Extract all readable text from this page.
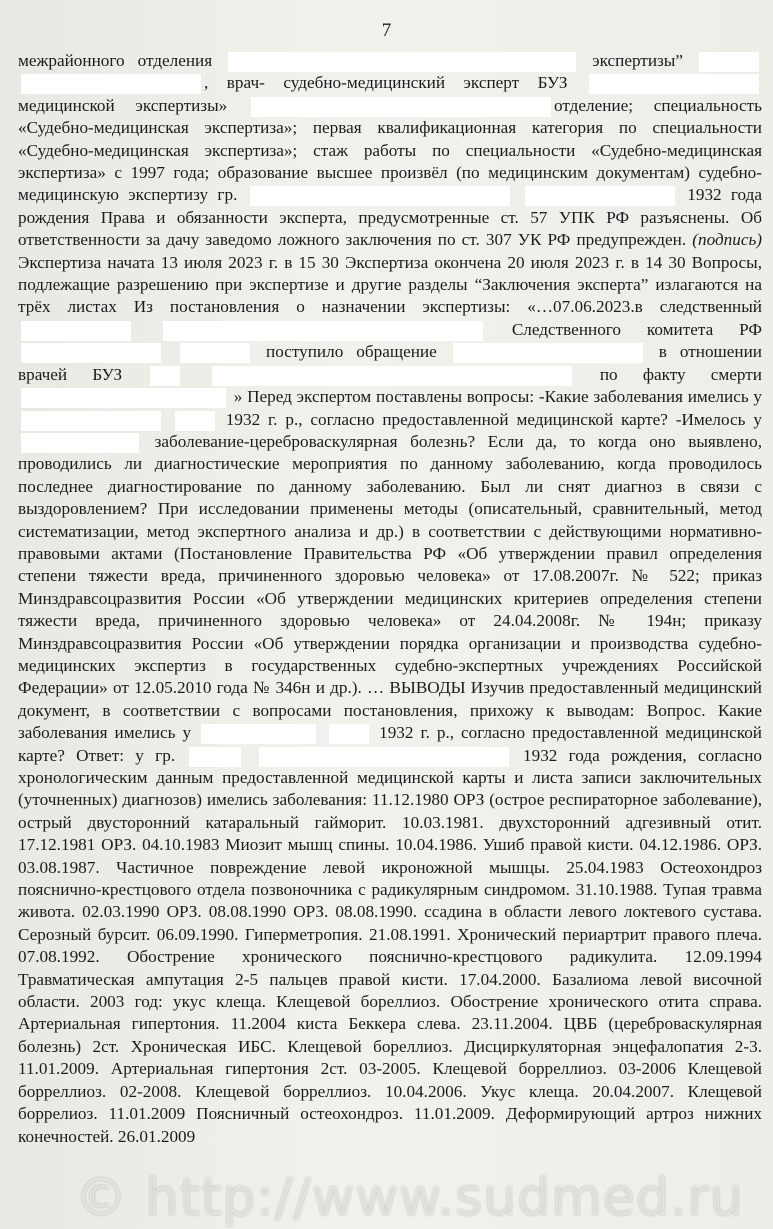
7

межрайонного отделения	экспертизы”  , врач- судебно-медицинский эксперт БУЗ  медицинской экспертизы»	отделение; специальность «Судебно-медицинская экспертиза»; первая квалификационная категория по специальности «Судебно-медицинская экспертиза»; стаж работы по специальности «Судебно-медицинская экспертиза» с 1997 года; образование высшее произвёл (по медицинским документам) судебно-медицинскую экспертизу гр.	1932 года рождения Права и обязанности эксперта, предусмотренные ст. 57 УПК РФ разъяснены. Об ответственности за дачу заведомо ложного заключения по ст. 307 УК РФ предупрежден. (подпись) Экспертиза начата 13 июля 2023 г. в 15 30 Экспертиза окончена 20 июля 2023 г. в 14 30 Вопросы, подлежащие разрешению при экспертизе и другие разделы “Заключения эксперта” излагаются на трёх листах Из постановления о назначении экспертизы: «…07.06.2023.в следственный   Следственного комитета РФ   поступило обращение	в отношении врачей БУЗ	по факту смерти  » Перед экспертом поставлены вопросы: -Какие заболевания имелись у   1932 г. р., согласно предоставленной медицинской карте? -Имелось у  заболевание-цереброваскулярная болезнь? Если да, то когда оно выявлено, проводились ли диагностические мероприятия по данному заболеванию, когда проводилось последнее диагностирование по данному заболеванию. Был ли снят диагноз в связи с выздоровлением? При исследовании применены методы (описательный, сравнительный, метод систематизации, метод экспертного анализа и др.) в соответствии с действующими нормативно-правовыми актами (Постановление Правительства РФ «Об утверждении правил определения степени тяжести вреда, причиненного здоровью человека» от 17.08.2007г. № 522; приказ Минздравсоцразвития России «Об утверждении медицинских критериев определения степени тяжести вреда, причиненного здоровью человека» от 24.04.2008г. № 194н; приказу Минздравсоцразвития России «Об утверждении порядка организации и производства судебно-медицинских экспертиз в государственных судебно-экспертных учреждениях Российской Федерации» от 12.05.2010 года № 346н и др.). … ВЫВОДЫ Изучив предоставленный медицинский документ, в соответствии с вопросами постановления, прихожу к выводам: Вопрос. Какие заболевания имелись у	1932 г. р., согласно предоставленной медицинской карте? Ответ: у гр.	1932 года рождения, согласно хронологическим данным предоставленной медицинской карты и листа записи заключительных (уточненных) диагнозов) имелись заболевания: 11.12.1980 ОРЗ (острое респираторное заболевание), острый двусторонний катаральный гайморит. 10.03.1981. двухсторонний адгезивный отит. 17.12.1981 ОРЗ. 04.10.1983 Миозит мышц спины. 10.04.1986. Ушиб правой кисти. 04.12.1986. ОРЗ. 03.08.1987. Частичное повреждение левой икроножной мышцы. 25.04.1983 Остеохондроз пояснично-крестцового отдела позвоночника с радикулярным синдромом. 31.10.1988. Тупая травма живота. 02.03.1990 ОРЗ. 08.08.1990 ОРЗ. 08.08.1990. ссадина в области левого локтевого сустава. Серозный бурсит. 06.09.1990. Гиперметропия. 21.08.1991. Хронический периартрит правого плеча. 07.08.1992. Обострение хронического пояснично-крестцового радикулита. 12.09.1994 Травматическая ампутация 2-5 пальцев правой кисти. 17.04.2000. Базалиома левой височной области. 2003 год: укус клеща. Клещевой бореллиоз. Обострение хронического отита справа. Артериальная гипертония. 11.2004 киста Беккера слева. 23.11.2004. ЦВБ (цереброваскулярная болезнь) 2ст. Хроническая ИБС. Клещевой бореллиоз. Дисциркуляторная энцефалопатия 2-3. 11.01.2009. Артериальная гипертония 2ст. 03-2005. Клещевой борреллиоз. 03-2006 Клещевой борреллиоз. 02-2008. Клещевой борреллиоз. 10.04.2006. Укус клеща. 20.04.2007. Клещевой боррелиоз. 11.01.2009 Поясничный остеохондроз. 11.01.2009. Деформирующий артроз нижних конечностей. 26.01.2009

© http://www.sudmed.ru
